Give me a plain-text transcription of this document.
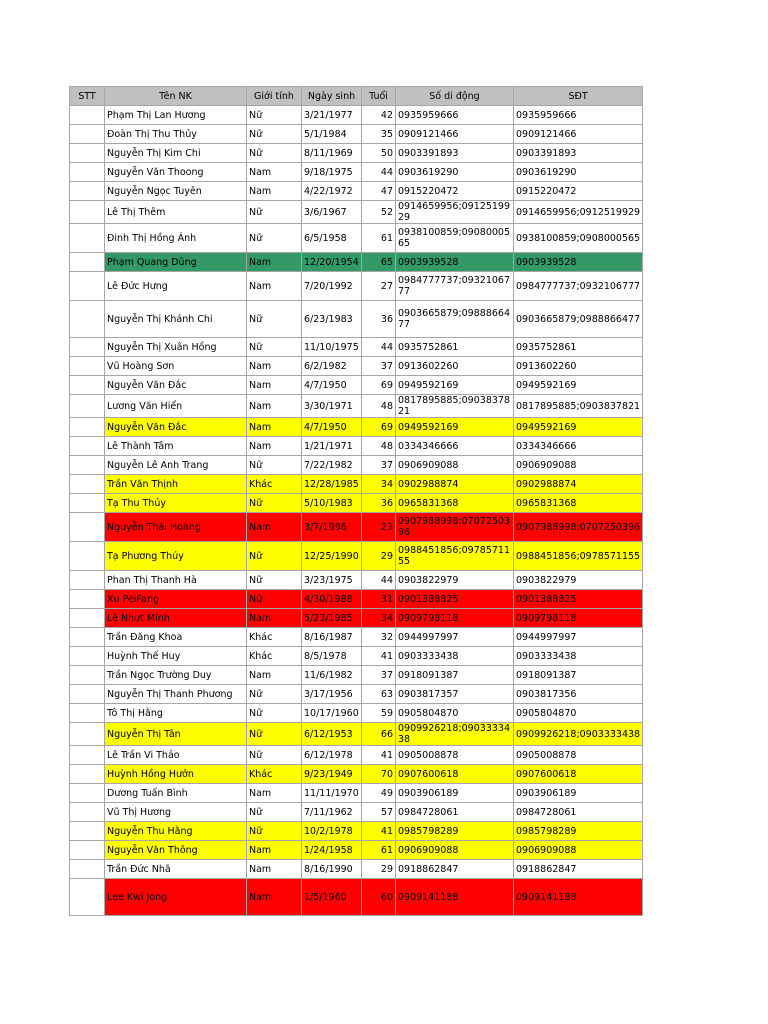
STT	Tên NK	Giới tính	Ngày sinh	Tuổi	Số di động	SĐT
	Phạm Thị Lan Hương	Nữ	3/21/1977	42	0935959666	0935959666
	Đoàn Thị Thu Thủy	Nữ	5/1/1984	35	0909121466	0909121466
	Nguyễn Thị Kim Chi	Nữ	8/11/1969	50	0903391893	0903391893
	Nguyễn Văn Thoong	Nam	9/18/1975	44	0903619290	0903619290
	Nguyễn Ngọc Tuyên	Nam	4/22/1972	47	0915220472	0915220472
	Lê Thị Thêm	Nữ	3/6/1967	52	0914659956;0912519929	0914659956;0912519929
	Đinh Thị Hồng Ánh	Nữ	6/5/1958	61	0938100859;0908000565	0938100859;0908000565
	Phạm Quang Dũng	Nam	12/20/1954	65	0903939528	0903939528
	Lê Đức Hưng	Nam	7/20/1992	27	0984777737;0932106777	0984777737;0932106777
	Nguyễn Thị Khánh Chi	Nữ	6/23/1983	36	0903665879;0988866477	0903665879;0988866477
	Nguyễn Thị Xuân Hồng	Nữ	11/10/1975	44	0935752861	0935752861
	Vũ Hoàng Sơn	Nam	6/2/1982	37	0913602260	0913602260
	Nguyễn Văn Đắc	Nam	4/7/1950	69	0949592169	0949592169
	Lương Văn Hiển	Nam	3/30/1971	48	0817895885;0903837821	0817895885;0903837821
	Nguyễn Văn Đắc	Nam	4/7/1950	69	0949592169	0949592169
	Lê Thành Tâm	Nam	1/21/1971	48	0334346666	0334346666
	Nguyễn Lê Anh Trang	Nữ	7/22/1982	37	0906909088	0906909088
	Trần Văn Thịnh	Khác	12/28/1985	34	0902988874	0902988874
	Tạ Thu Thủy	Nữ	5/10/1983	36	0965831368	0965831368
	Nguyễn Thái Hoàng	Nam	3/7/1996	23	0907988998;0707250396	0907988998;0707250396
	Tạ Phương Thúy	Nữ	12/25/1990	29	0988451856;0978571155	0988451856;0978571155
	Phan Thị Thanh Hà	Nữ	3/23/1975	44	0903822979	0903822979
	Xu PeiFang	Nữ	4/30/1988	31	0901388825	0901388825
	Lê Nhựt Minh	Nam	5/23/1985	34	0909798118	0909798118
	Trần Đăng Khoa	Khác	8/16/1987	32	0944997997	0944997997
	Huỳnh Thế Huy	Khác	8/5/1978	41	0903333438	0903333438
	Trần Ngọc Trường Duy	Nam	11/6/1982	37	0918091387	0918091387
	Nguyễn Thị Thanh Phương	Nữ	3/17/1956	63	0903817357	0903817356
	Tô Thị Hằng	Nữ	10/17/1960	59	0905804870	0905804870
	Nguyễn Thị Tân	Nữ	6/12/1953	66	0909926218;0903333438	0909926218;0903333438
	Lê Trần Vi Thảo	Nữ	6/12/1978	41	0905008878	0905008878
	Huỳnh Hồng Hưởn	Khác	9/23/1949	70	0907600618	0907600618
	Dương Tuấn Bình	Nam	11/11/1970	49	0903906189	0903906189
	Vũ Thị Hương	Nữ	7/11/1962	57	0984728061	0984728061
	Nguyễn Thu Hằng	Nữ	10/2/1978	41	0985798289	0985798289
	Nguyễn Văn Thông	Nam	1/24/1958	61	0906909088	0906909088
	Trần Đức Nhã	Nam	8/16/1990	29	0918862847	0918862847
	Lee Kwi Jong	Nam	1/5/1960	60	0909141188	0909141188
